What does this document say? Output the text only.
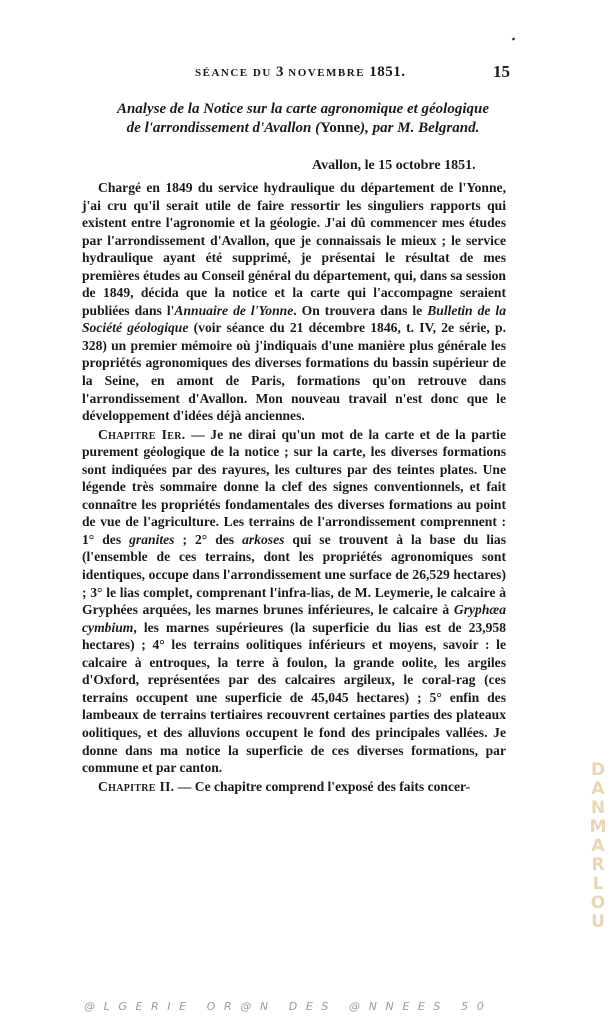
SÉANCE DU 3 NOVEMBRE 1851.	15
Analyse de la Notice sur la carte agronomique et géologique
de l'arrondissement d'Avallon (Yonne), par M. Belgrand.
Avallon, le 15 octobre 1851.

Chargé en 1849 du service hydraulique du département de l'Yonne, j'ai cru qu'il serait utile de faire ressortir les singuliers rapports qui existent entre l'agronomie et la géologie. J'ai dû commencer mes études par l'arrondissement d'Avallon, que je connaissais le mieux ; le service hydraulique ayant été supprimé, je présentai le résultat de mes premières études au Conseil général du département, qui, dans sa session de 1849, décida que la notice et la carte qui l'accompagne seraient publiées dans l'Annuaire de l'Yonne. On trouvera dans le Bulletin de la Société géologique (voir séance du 21 décembre 1846, t. IV, 2e série, p. 328) un premier mémoire où j'indiquais d'une manière plus générale les propriétés agronomiques des diverses formations du bassin supérieur de la Seine, en amont de Paris, formations qu'on retrouve dans l'arrondissement d'Avallon. Mon nouveau travail n'est donc que le développement d'idées déjà anciennes.

Chapitre Ier. — Je ne dirai qu'un mot de la carte et de la partie purement géologique de la notice ; sur la carte, les diverses formations sont indiquées par des rayures, les cultures par des teintes plates. Une légende très sommaire donne la clef des signes conventionnels, et fait connaître les propriétés fondamentales des diverses formations au point de vue de l'agriculture. Les terrains de l'arrondissement comprennent : 1° des granites ; 2° des arkoses qui se trouvent à la base du lias (l'ensemble de ces terrains, dont les propriétés agronomiques sont identiques, occupe dans l'arrondissement une surface de 26,529 hectares) ; 3° le lias complet, comprenant l'infra-lias, de M. Leymerie, le calcaire à Gryphées arquées, les marnes brunes inférieures, le calcaire à Gryphæa cymbium, les marnes supérieures (la superficie du lias est de 23,958 hectares) ; 4° les terrains oolitiques inférieurs et moyens, savoir : le calcaire à entroques, la terre à foulon, la grande oolite, les argiles d'Oxford, représentées par des calcaires argileux, le coral-rag (ces terrains occupent une superficie de 45,045 hectares) ; 5° enfin des lambeaux de terrains tertiaires recouvrent certaines parties des plateaux oolitiques, et des alluvions occupent le fond des principales vallées. Je donne dans ma notice la superficie de ces diverses formations, par commune et par canton.

Chapitre II. — Ce chapitre comprend l'exposé des faits concer-	DANMARLOU
@LGERIE OR@N DES @NNEES 50
